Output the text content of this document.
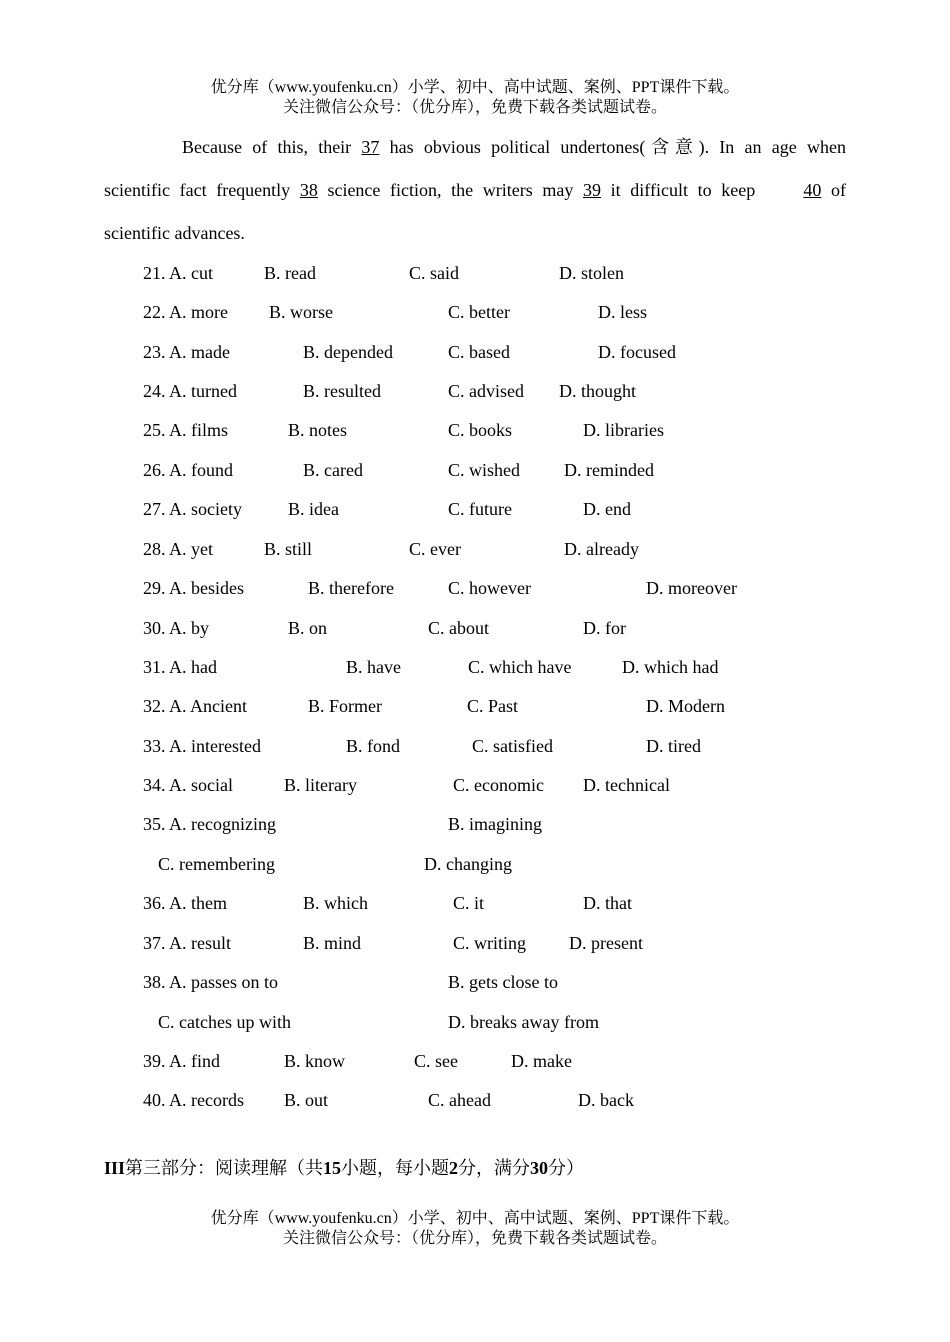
优分库（www.youfenku.cn）小学、初中、高中试题、案例、PPT课件下载。
关注微信公众号：（优分库），免费下载各类试题试卷。
Because of this, their 37 has obvious political undertones(含意). In an age when
scientific fact frequently 38 science fiction, the writers may 39 it difficult to keep     40 of
scientific advances.
21. A. cut	B. read	C. said	D. stolen
22. A. more B. worse	C. better	D. less
23. A. made	B. depended	C. based	D. focused
24. A. turned	B. resulted	C. advised D. thought
25. A. films	B. notes	C. books	D. libraries
26. A. found	B. cared	C. wished D. reminded
27. A. society	B. idea	C. future	D. end
28. A. yet	B. still	C. ever	D. already
29. A. besides	B. therefore	C. however	D. moreover
30. A. by	B. on	C. about	D. for
31. A. had	B. have	C. which have	D. which had
32. A. Ancient	B. Former	C. Past	D. Modern
33. A. interested	B. fond	C. satisfied	D. tired
34. A. social	B. literary	C. economic D. technical
35. A. recognizing	B. imagining
C. remembering	D. changing
36. A. them	B. which	C. it	D. that
37. A. result	B. mind	C. writing D. present
38. A. passes on to	B. gets close to
C. catches up with	D. breaks away from
39. A. find	B. know	C. see	D. make
40. A. records B. out	C. ahead	D. back
III第三部分：阅读理解（共15小题，每小题2分，满分30分）
优分库（www.youfenku.cn）小学、初中、高中试题、案例、PPT课件下载。
关注微信公众号：（优分库），免费下载各类试题试卷。
